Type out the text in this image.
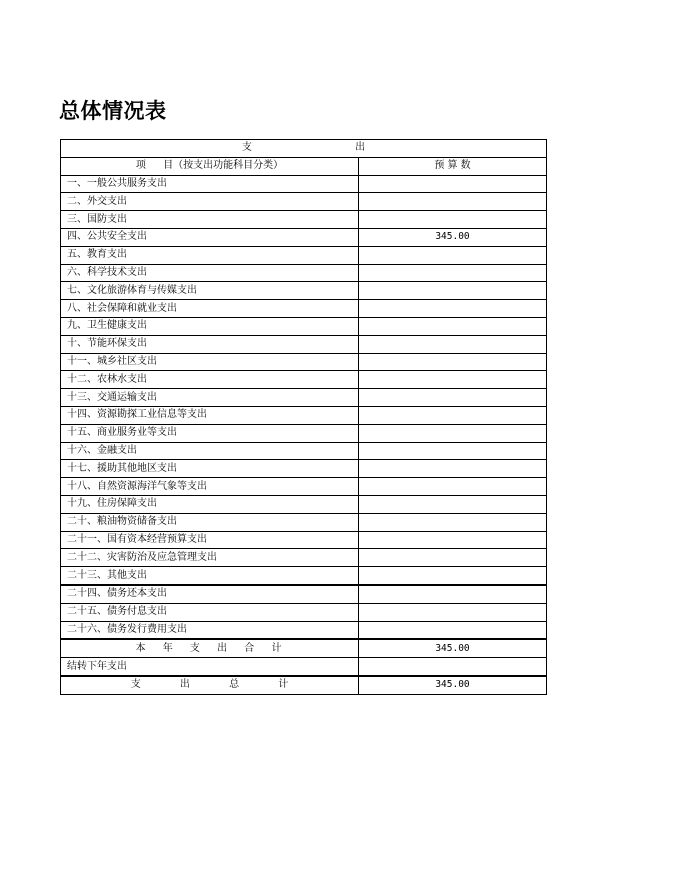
总体情况表
支 出	
项 目（按支出功能科目分类）	预 算 数
一、一般公共服务支出	
二、外交支出	
三、国防支出	
四、公共安全支出	345.00
五、教育支出	
六、科学技术支出	
七、文化旅游体育与传媒支出	
八、社会保障和就业支出	
九、卫生健康支出	
十、节能环保支出	
十一、城乡社区支出	
十二、农林水支出	
十三、交通运输支出	
十四、资源勘探工业信息等支出	
十五、商业服务业等支出	
十六、金融支出	
十七、援助其他地区支出	
十八、自然资源海洋气象等支出	
十九、住房保障支出	
二十、粮油物资储备支出	
二十一、国有资本经营预算支出	
二十二、灾害防治及应急管理支出	
二十三、其他支出	
二十四、债务还本支出	
二十五、债务付息支出	
二十六、债务发行费用支出	
本 年 支 出 合 计	345.00
结转下年支出	
支 出 总 计	345.00
